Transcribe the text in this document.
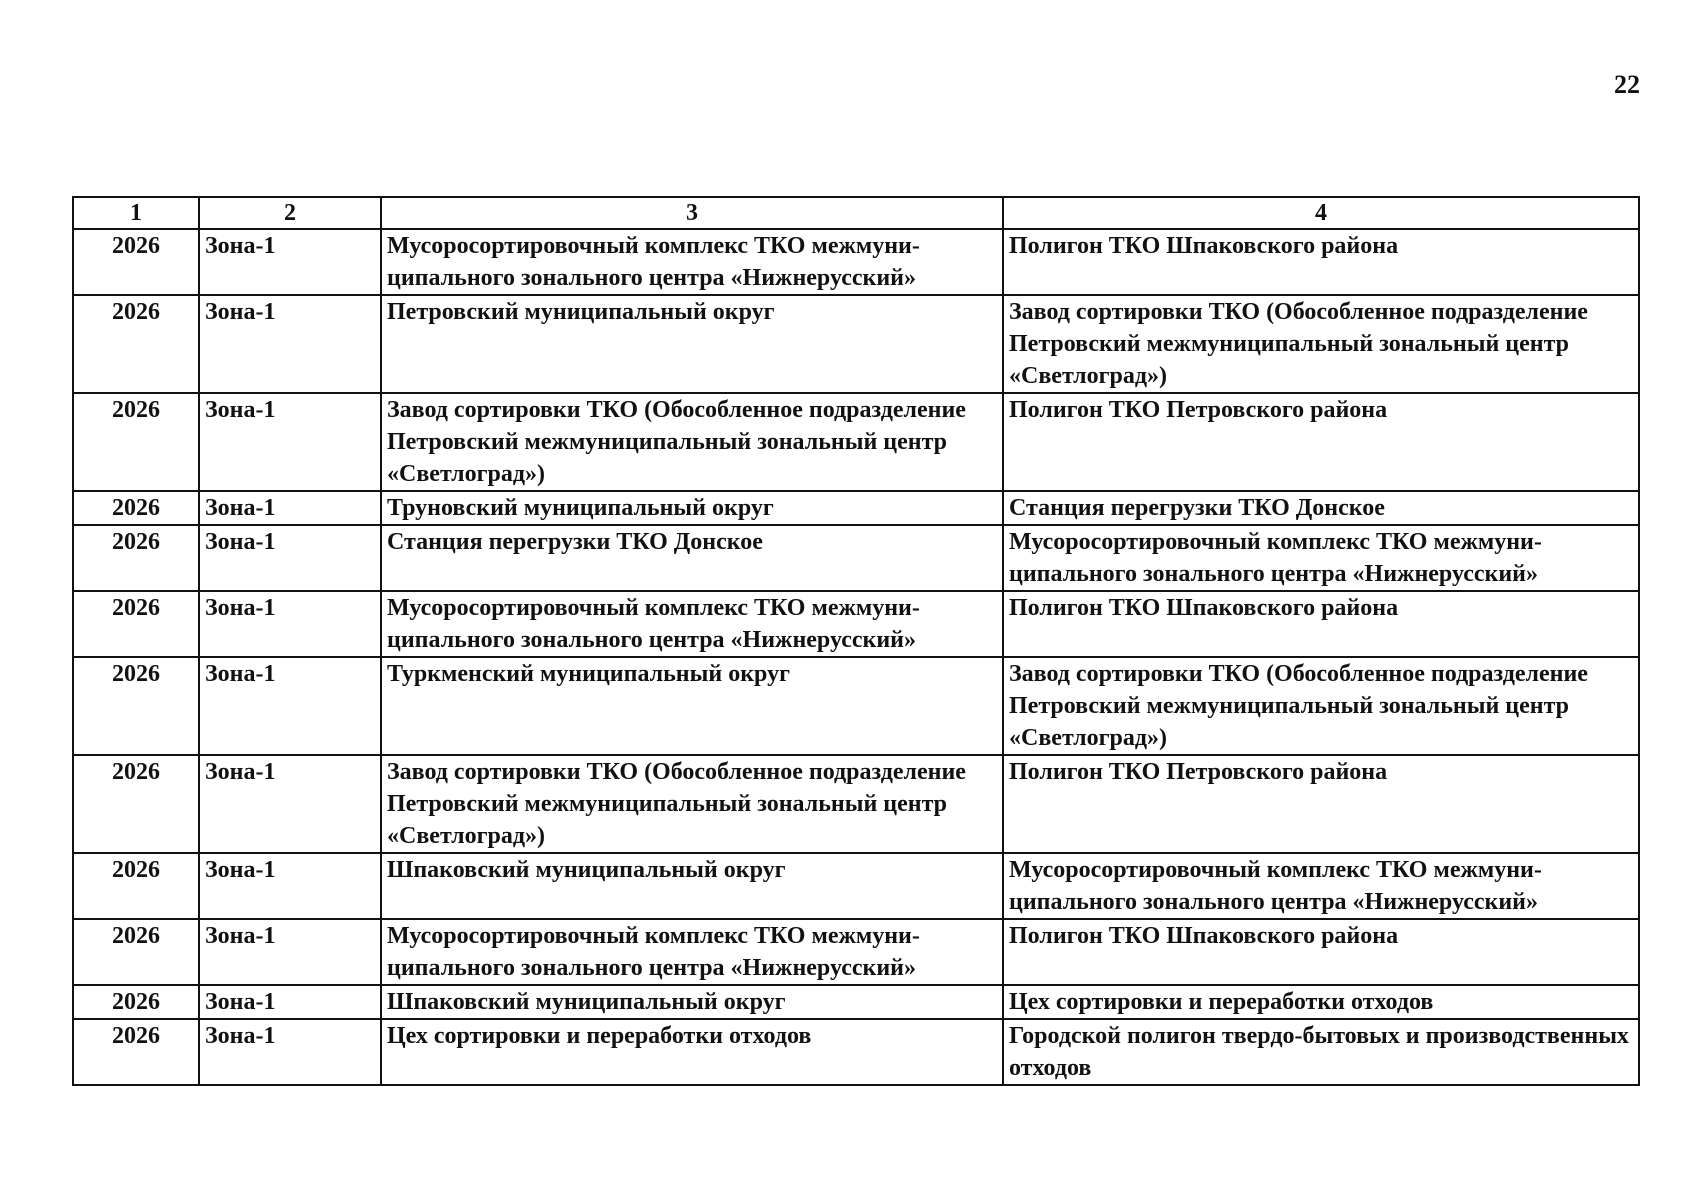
22
1	2	3	4
2026	Зона-1	Мусоросортировочный комплекс ТКО межмуниципального зонального центра «Нижнерусский»	Полигон ТКО Шпаковского района
2026	Зона-1	Петровский муниципальный округ	Завод сортировки ТКО (Обособленное подразделение Петровский межмуниципальный зональный центр «Светлоград»)
2026	Зона-1	Завод сортировки ТКО (Обособленное подразделение Петровский межмуниципальный зональный центр «Светлоград»)	Полигон ТКО Петровского района
2026	Зона-1	Труновский муниципальный округ	Станция перегрузки ТКО Донское
2026	Зона-1	Станция перегрузки ТКО Донское	Мусоросортировочный комплекс ТКО межмуниципального зонального центра «Нижнерусский»
2026	Зона-1	Мусоросортировочный комплекс ТКО межмуниципального зонального центра «Нижнерусский»	Полигон ТКО Шпаковского района
2026	Зона-1	Туркменский муниципальный округ	Завод сортировки ТКО (Обособленное подразделение Петровский межмуниципальный зональный центр «Светлоград»)
2026	Зона-1	Завод сортировки ТКО (Обособленное подразделение Петровский межмуниципальный зональный центр «Светлоград»)	Полигон ТКО Петровского района
2026	Зона-1	Шпаковский муниципальный округ	Мусоросортировочный комплекс ТКО межмуниципального зонального центра «Нижнерусский»
2026	Зона-1	Мусоросортировочный комплекс ТКО межмуниципального зонального центра «Нижнерусский»	Полигон ТКО Шпаковского района
2026	Зона-1	Шпаковский муниципальный округ	Цех сортировки и переработки отходов
2026	Зона-1	Цех сортировки и переработки отходов	Городской полигон твердо-бытовых и производственных отходов
